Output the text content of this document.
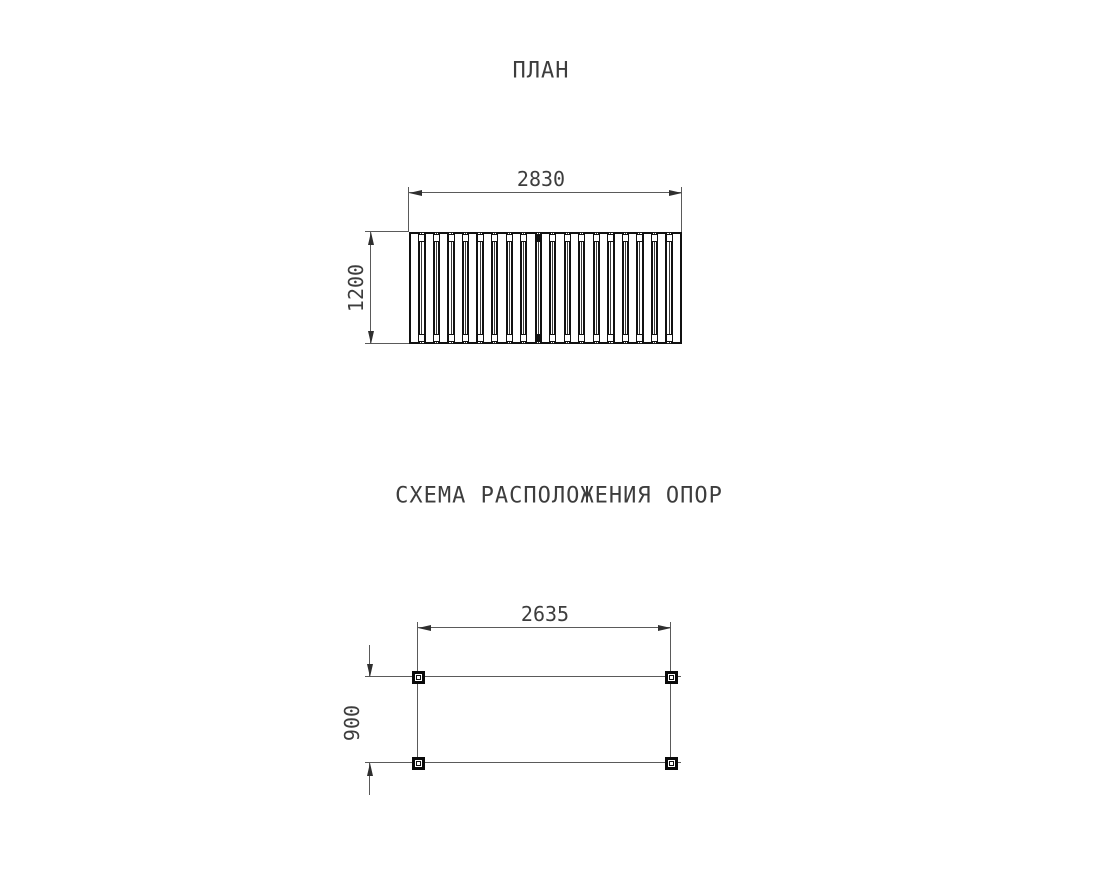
ПЛАН
2830
1200
СХЕМА РАСПОЛОЖЕНИЯ ОПОР
2635
900
